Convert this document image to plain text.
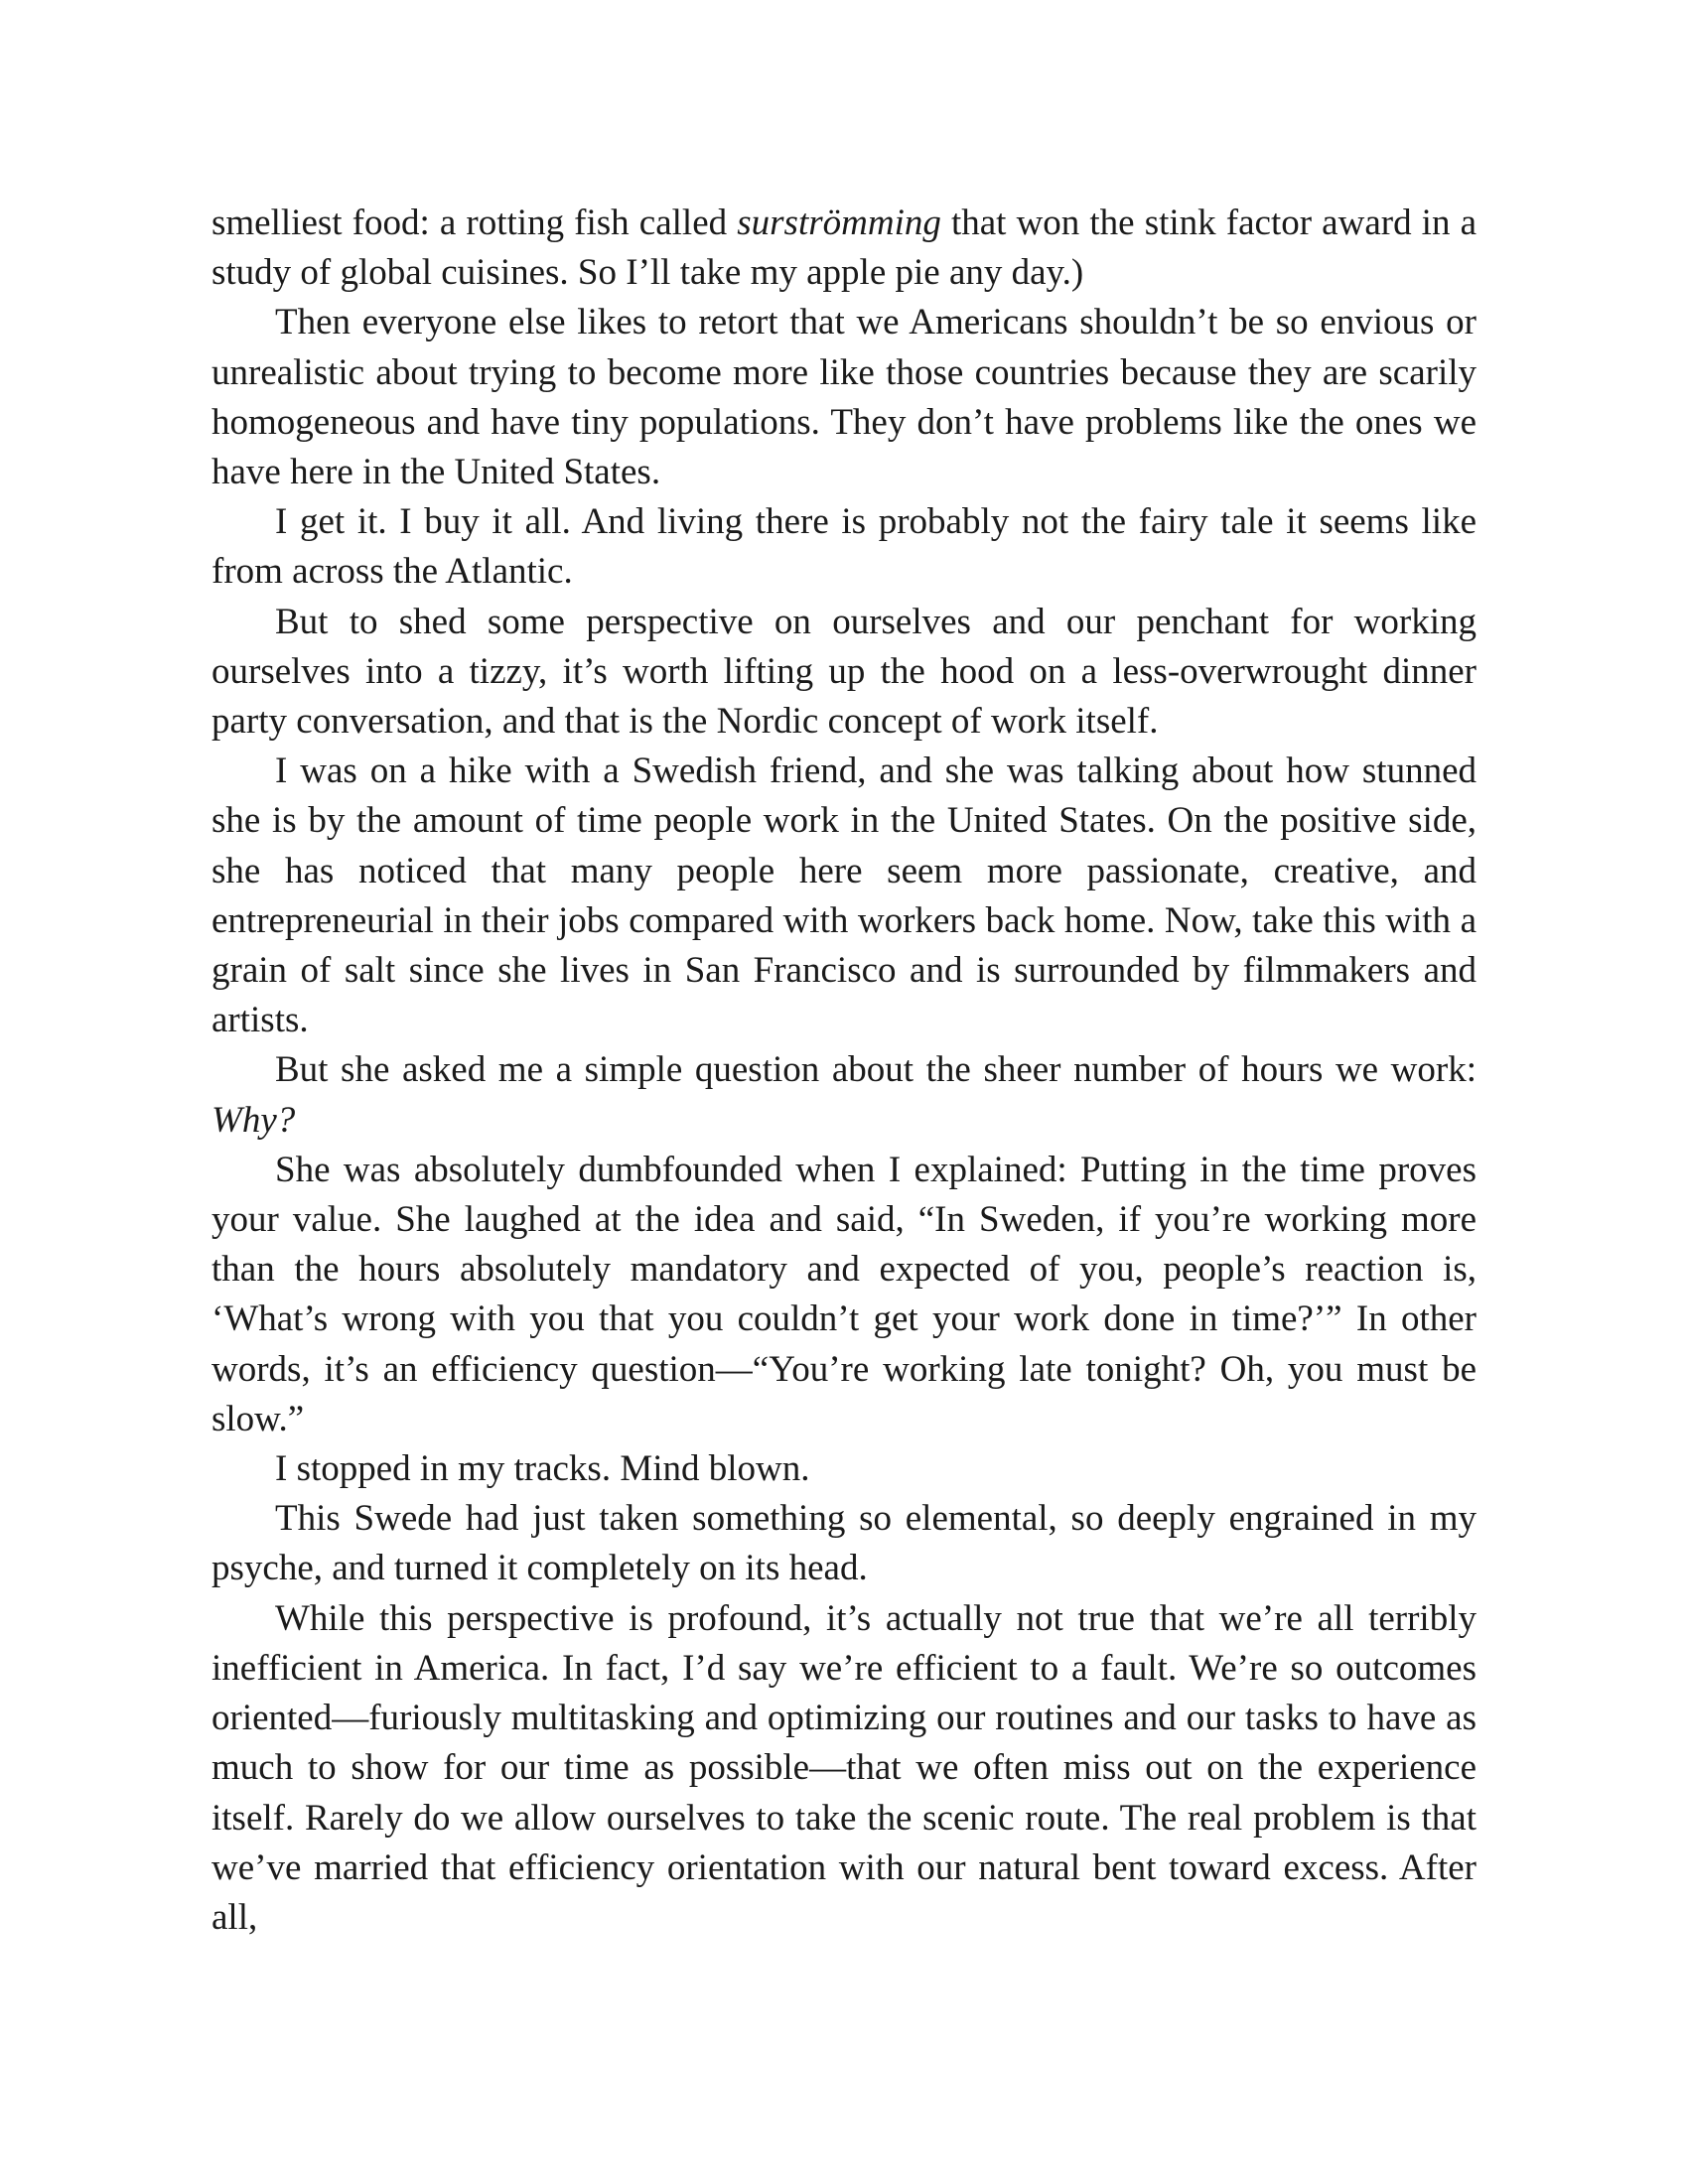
smelliest food: a rotting fish called surströmming that won the stink factor award in a study of global cuisines. So I’ll take my apple pie any day.)

Then everyone else likes to retort that we Americans shouldn’t be so envious or unrealistic about trying to become more like those countries because they are scarily homogeneous and have tiny populations. They don’t have problems like the ones we have here in the United States.

I get it. I buy it all. And living there is probably not the fairy tale it seems like from across the Atlantic.

But to shed some perspective on ourselves and our penchant for working ourselves into a tizzy, it’s worth lifting up the hood on a less-overwrought dinner party conversation, and that is the Nordic concept of work itself.

I was on a hike with a Swedish friend, and she was talking about how stunned she is by the amount of time people work in the United States. On the positive side, she has noticed that many people here seem more passionate, creative, and entrepreneurial in their jobs compared with workers back home. Now, take this with a grain of salt since she lives in San Francisco and is surrounded by filmmakers and artists.

But she asked me a simple question about the sheer number of hours we work: Why?

She was absolutely dumbfounded when I explained: Putting in the time proves your value. She laughed at the idea and said, “In Sweden, if you’re working more than the hours absolutely mandatory and expected of you, people’s reaction is, ‘What’s wrong with you that you couldn’t get your work done in time?’” In other words, it’s an efficiency question—“You’re working late tonight? Oh, you must be slow.”

I stopped in my tracks. Mind blown.

This Swede had just taken something so elemental, so deeply engrained in my psyche, and turned it completely on its head.

While this perspective is profound, it’s actually not true that we’re all terribly inefficient in America. In fact, I’d say we’re efficient to a fault. We’re so outcomes oriented—furiously multitasking and optimizing our routines and our tasks to have as much to show for our time as possible—that we often miss out on the experience itself. Rarely do we allow ourselves to take the scenic route. The real problem is that we’ve married that efficiency orientation with our natural bent toward excess. After all,
